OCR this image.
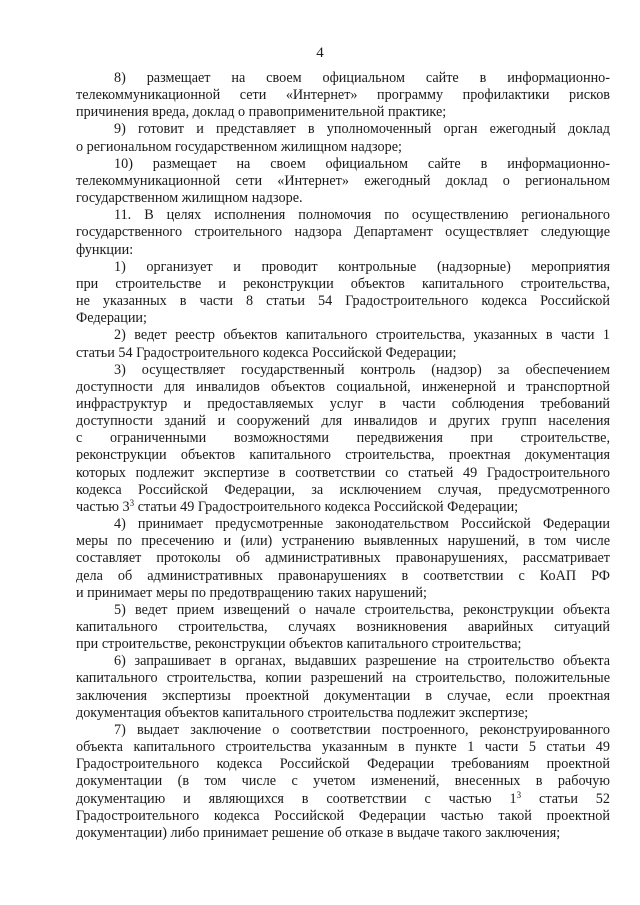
4

8) размещает на своем официальном сайте в информационно-
телекоммуникационной сети «Интернет» программу профилактики рисков
причинения вреда, доклад о правоприменительной практике;

9) готовит и представляет в уполномоченный орган ежегодный доклад
о региональном государственном жилищном надзоре;

10) размещает на своем официальном сайте в информационно-
телекоммуникационной сети «Интернет» ежегодный доклад о региональном
государственном жилищном надзоре.

11. В целях исполнения полномочия по осуществлению регионального
государственного строительного надзора Департамент осуществляет следующие
функции:

1) организует и проводит контрольные (надзорные) мероприятия
при строительстве и реконструкции объектов капитального строительства,
не указанных в части 8 статьи 54 Градостроительного кодекса Российской
Федерации;

2) ведет реестр объектов капитального строительства, указанных в части 1
статьи 54 Градостроительного кодекса Российской Федерации;

3) осуществляет государственный контроль (надзор) за обеспечением
доступности для инвалидов объектов социальной, инженерной и транспортной
инфраструктур и предоставляемых услуг в части соблюдения требований
доступности зданий и сооружений для инвалидов и других групп населения
с ограниченными возможностями передвижения при строительстве,
реконструкции объектов капитального строительства, проектная документация
которых подлежит экспертизе в соответствии со статьей 49 Градостроительного
кодекса Российской Федерации, за исключением случая, предусмотренного
частью $3^3$ статьи 49 Градостроительного кодекса Российской Федерации;

4) принимает предусмотренные законодательством Российской Федерации
меры по пресечению и (или) устранению выявленных нарушений, в том числе
составляет протоколы об административных правонарушениях, рассматривает
дела об административных правонарушениях в соответствии с КоАП РФ
и принимает меры по предотвращению таких нарушений;

5) ведет прием извещений о начале строительства, реконструкции объекта
капитального строительства, случаях возникновения аварийных ситуаций
при строительстве, реконструкции объектов капитального строительства;

6) запрашивает в органах, выдавших разрешение на строительство объекта
капитального строительства, копии разрешений на строительство, положительные
заключения экспертизы проектной документации в случае, если проектная
документация объектов капитального строительства подлежит экспертизе;

7) выдает заключение о соответствии построенного, реконструированного
объекта капитального строительства указанным в пункте 1 части 5 статьи 49
Градостроительного кодекса Российской Федерации требованиям проектной
документации (в том числе с учетом изменений, внесенных в рабочую
документацию и являющихся в соответствии с частью $1^3$ статьи 52
Градостроительного кодекса Российской Федерации частью такой проектной
документации) либо принимает решение об отказе в выдаче такого заключения;
